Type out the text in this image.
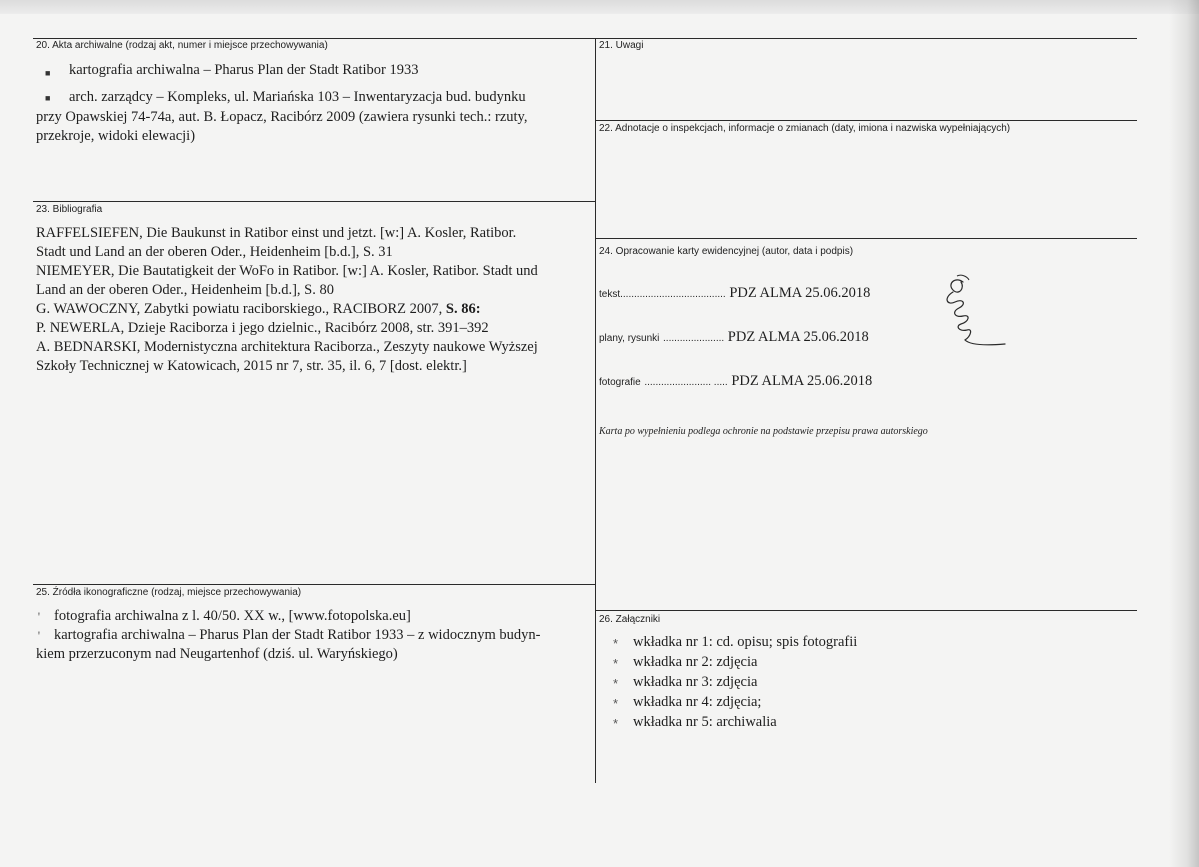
20. Akta archiwalne (rodzaj akt, numer i miejsce przechowywania)
■ kartografia archiwalna – Pharus Plan der Stadt Ratibor 1933
■ arch. zarządcy – Kompleks, ul. Mariańska 103 – Inwentaryzacja bud. budynku
przy Opawskiej 74-74a, aut. B. Łopacz, Racibórz 2009 (zawiera rysunki tech.: rzuty,
przekroje, widoki elewacji)
21. Uwagi
22. Adnotacje o inspekcjach, informacje o zmianach (daty, imiona i nazwiska wypełniających)
23. Bibliografia
RAFFELSIEFEN, Die Baukunst in Ratibor einst und jetzt. [w:] A. Kosler, Ratibor.
Stadt und Land an der oberen Oder., Heidenheim [b.d.], S. 31
NIEMEYER, Die Bautatigkeit der WoFo in Ratibor. [w:] A. Kosler, Ratibor. Stadt und
Land an der oberen Oder., Heidenheim [b.d.], S. 80
G. WAWOCZNY, Zabytki powiatu raciborskiego., RACIBORZ 2007, S. 86:
P. NEWERLA, Dzieje Raciborza i jego dzielnic., Racibórz 2008, str. 391–392
A. BEDNARSKI, Modernistyczna architektura Raciborza., Zeszyty naukowe Wyższej
Szkoły Technicznej w Katowicach, 2015 nr 7, str. 35, il. 6, 7 [dost. elektr.]
24. Opracowanie karty ewidencyjnej (autor, data i podpis)
tekst...................................... PDZ ALMA 25.06.2018
plany, rysunki ...................... PDZ ALMA 25.06.2018
fotografie ........................ ..... PDZ ALMA 25.06.2018
Karta po wypełnieniu podlega ochronie na podstawie przepisu prawa autorskiego
25. Źródła ikonograficzne (rodzaj, miejsce przechowywania)
ꞌ fotografia archiwalna z l. 40/50. XX w., [www.fotopolska.eu]
ꞌ kartografia archiwalna – Pharus Plan der Stadt Ratibor 1933 – z widocznym budyn-
kiem przerzuconym nad Neugartenhof (dziś. ul. Waryńskiego)
26. Załączniki
* wkładka nr 1: cd. opisu; spis fotografii
* wkładka nr 2: zdjęcia
* wkładka nr 3: zdjęcia
* wkładka nr 4: zdjęcia;
* wkładka nr 5: archiwalia
